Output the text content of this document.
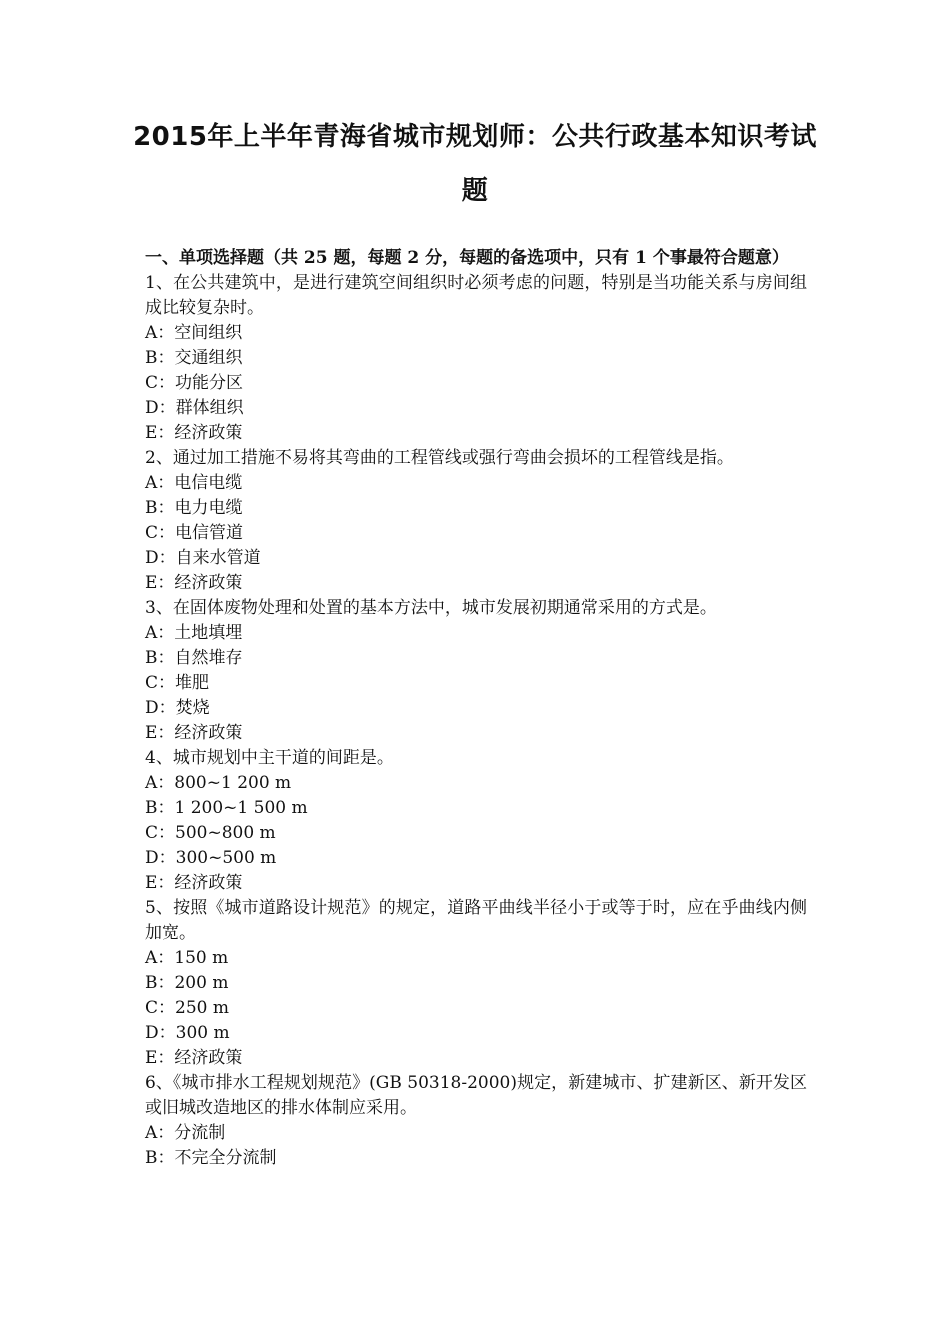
2015年上半年青海省城市规划师：公共行政基本知识考试题
一、单项选择题（共 25 题，每题 2 分，每题的备选项中，只有 1 个事最符合题意）
1、在公共建筑中，是进行建筑空间组织时必须考虑的问题，特别是当功能关系与房间组成比较复杂时。
A：空间组织
B：交通组织
C：功能分区
D：群体组织
E：经济政策
2、通过加工措施不易将其弯曲的工程管线或强行弯曲会损坏的工程管线是指。
A：电信电缆
B：电力电缆
C：电信管道
D：自来水管道
E：经济政策
3、在固体废物处理和处置的基本方法中，城市发展初期通常采用的方式是。
A：土地填埋
B：自然堆存
C：堆肥
D：焚烧
E：经济政策
4、城市规划中主干道的间距是。
A：800~1 200 m
B：1 200~1 500 m
C：500~800 m
D：300~500 m
E：经济政策
5、按照《城市道路设计规范》的规定，道路平曲线半径小于或等于时，应在乎曲线内侧加宽。
A：150 m
B：200 m
C：250 m
D：300 m
E：经济政策
6、《城市排水工程规划规范》(GB 50318-2000)规定，新建城市、扩建新区、新开发区或旧城改造地区的排水体制应采用。
A：分流制
B：不完全分流制
